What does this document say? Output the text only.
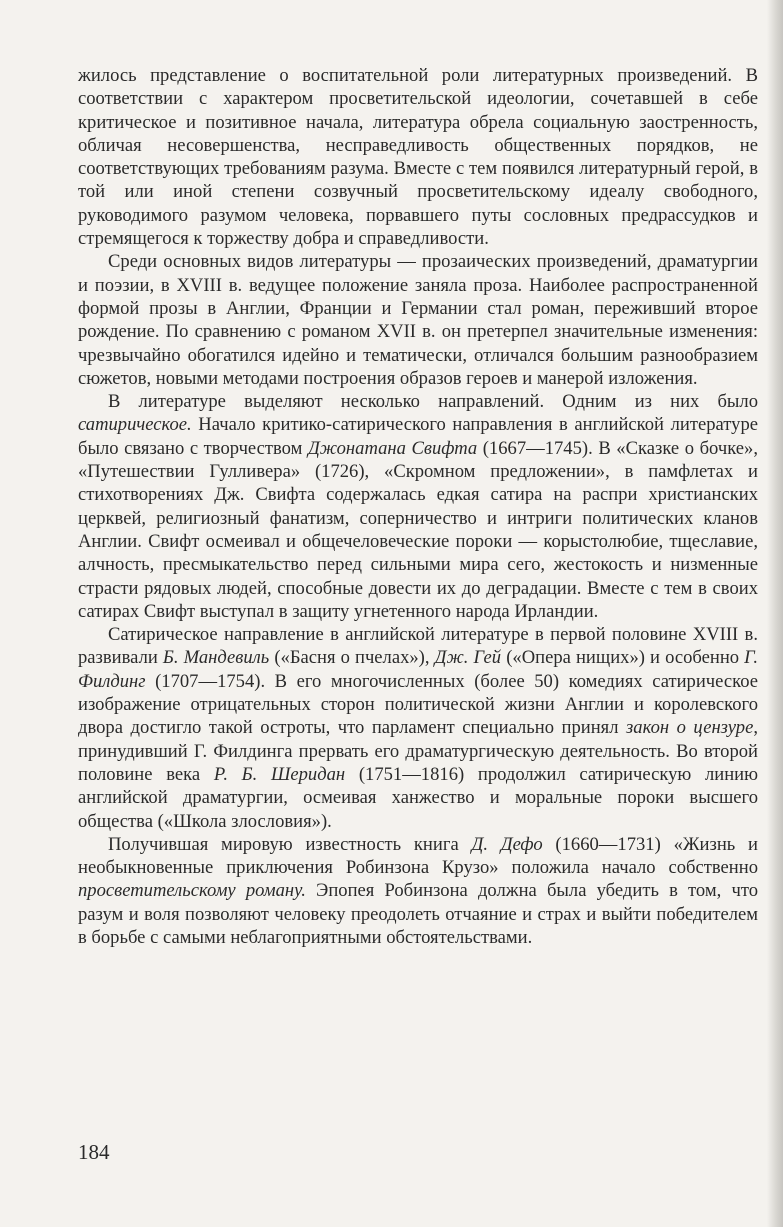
жилось представление о воспитательной роли литературных произведений. В соответствии с характером просветительской идеологии, сочетавшей в себе критическое и позитивное начала, литература обрела социальную заостренность, обличая несовершенства, несправедливость общественных порядков, не соответствующих требованиям разума. Вместе с тем появился литературный герой, в той или иной степени созвучный просветительскому идеалу свободного, руководимого разумом человека, порвавшего путы сословных предрассудков и стремящегося к торжеству добра и справедливости.

Среди основных видов литературы — прозаических произведений, драматургии и поэзии, в XVIII в. ведущее положение заняла проза. Наиболее распространенной формой прозы в Англии, Франции и Германии стал роман, переживший второе рождение. По сравнению с романом XVII в. он претерпел значительные изменения: чрезвычайно обогатился идейно и тематически, отличался большим разнообразием сюжетов, новыми методами построения образов героев и манерой изложения.

В литературе выделяют несколько направлений. Одним из них было сатирическое. Начало критико-сатирического направления в английской литературе было связано с творчеством Джонатана Свифта (1667—1745). В «Сказке о бочке», «Путешествии Гулливера» (1726), «Скромном предложении», в памфлетах и стихотворениях Дж. Свифта содержалась едкая сатира на распри христианских церквей, религиозный фанатизм, соперничество и интриги политических кланов Англии. Свифт осмеивал и общечеловеческие пороки — корыстолюбие, тщеславие, алчность, пресмыкательство перед сильными мира сего, жестокость и низменные страсти рядовых людей, способные довести их до деградации. Вместе с тем в своих сатирах Свифт выступал в защиту угнетенного народа Ирландии.

Сатирическое направление в английской литературе в первой половине XVIII в. развивали Б. Мандевиль («Басня о пчелах»), Дж. Гей («Опера нищих») и особенно Г. Филдинг (1707—1754). В его многочисленных (более 50) комедиях сатирическое изображение отрицательных сторон политической жизни Англии и королевского двора достигло такой остроты, что парламент специально принял закон о цензуре, принудивший Г. Филдинга прервать его драматургическую деятельность. Во второй половине века Р. Б. Шеридан (1751—1816) продолжил сатирическую линию английской драматургии, осмеивая ханжество и моральные пороки высшего общества («Школа злословия»).

Получившая мировую известность книга Д. Дефо (1660—1731) «Жизнь и необыкновенные приключения Робинзона Крузо» положила начало собственно просветительскому роману. Эпопея Робинзона должна была убедить в том, что разум и воля позволяют человеку преодолеть отчаяние и страх и выйти победителем в борьбе с самыми неблагоприятными обстоятельствами.

184
